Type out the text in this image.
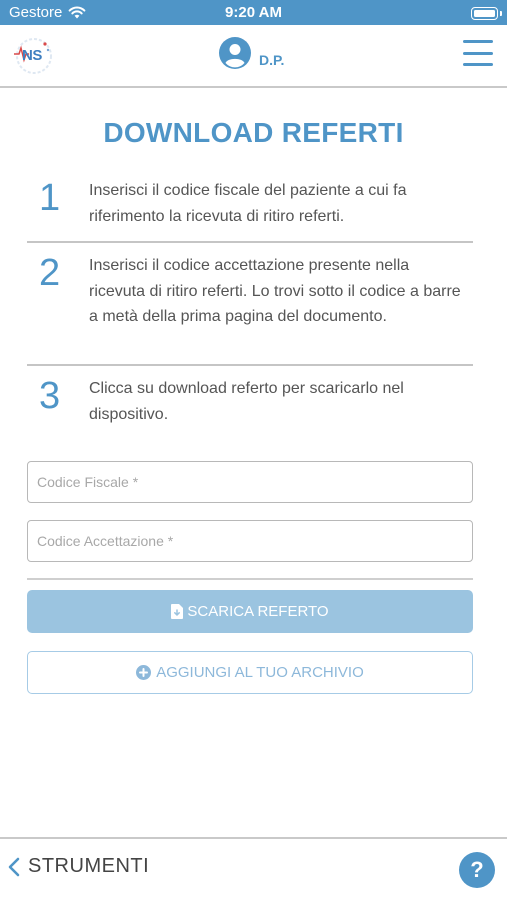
Gestore	9:20 AM
NS	D.P.
DOWNLOAD REFERTI
1 Inserisci il codice fiscale del paziente a cui fa riferimento la ricevuta di ritiro referti.
2 Inserisci il codice accettazione presente nella ricevuta di ritiro referti. Lo trovi sotto il codice a barre a metà della prima pagina del documento.
3 Clicca su download referto per scaricarlo nel dispositivo.
Codice Fiscale *
Codice Accettazione *
SCARICA REFERTO
AGGIUNGI AL TUO ARCHIVIO
STRUMENTI	?
